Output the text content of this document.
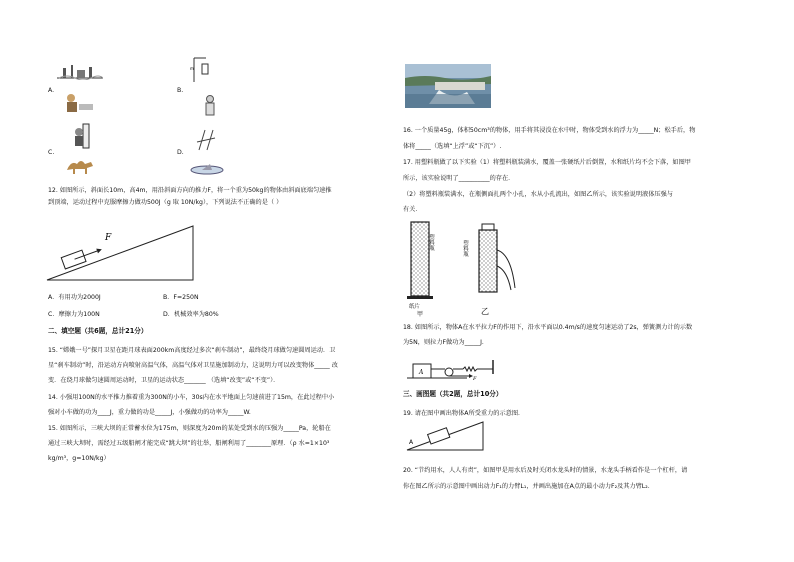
m
A.	B.
C.	D.
12. 如图所示，斜面长10m，高4m，用沿斜面方向的推力F，将一个重为50kg的物体由斜面底端匀速推
到顶端，运动过程中克服摩擦力做功500J（g 取 10N/kg），下列说法不正确的是（ ）
F
A．有用功为2000J	B．F=250N
C．摩擦力为100N	D．机械效率为80%
二、填空题（共6题，总计21分）
15. “嫦娥一号”探月卫星在距月球表面200km高度经过多次“刹车制动”，最终绕月球做匀速圆周运动．卫
星“刹车制动”时，沿运动方向喷射高温气体，高温气体对卫星施加制动力，这说明力可以改变物体_____ 改
变．在绕月球做匀速圆周运动时，卫星的运动状态_______ （选填“改变”或“不变”）．
14. 小强用100N的水平推力推着重为300N的小车，30s内在水平地面上匀速前进了15m，在此过程中小
强对小车做的功为____J，重力做的功是_____J，小强做功的功率为_____W.
15. 如图所示，三峡大坝的正常蓄水位为175m，则深度为20m的某处受到水的压强为_____Pa，轮船在
通过三峡大坝时，需经过五级船闸才能完成“跳大坝”的壮举，船闸利用了________原理．（ρ 水=1×10³
kg/m³，g=10N/kg）
16. 一个质量45g，体积50cm³的物体，用手将其浸没在水中时，物体受到水的浮力为_____N；松手后，物
体将_____（选填“上浮”或“下沉”）.
17. 用塑料瓶做了以下实验（1）将塑料瓶装满水，覆盖一张硬纸片后倒置，水和纸片均不会下落，如图甲
所示，该实验说明了__________的存在．
（2）将塑料瓶装满水，在瓶侧面扎两个小孔，水从小孔流出，如图乙所示，该实验说明液体压强与
有关．
塑料瓶	塑料瓶
纸片
甲	乙
18. 如图所示，物体A在水平拉力F的作用下，沿水平面以0.4m/s的速度匀速运动了2s，弹簧测力计的示数
为5N，则拉力F做功为_____J．
A
F
三、画图题（共2题，总计10分）
19. 请在图中画出物体A所受重力的示意图．
A
20. “节约用水，人人有责”，如图甲是用水后及时关闭水龙头时的情景，水龙头手柄看作是一个杠杆，请
你在图乙所示的示意图中画出动力F₁的力臂L₁，并画出施加在A点的最小动力F₂及其力臂L₂．
